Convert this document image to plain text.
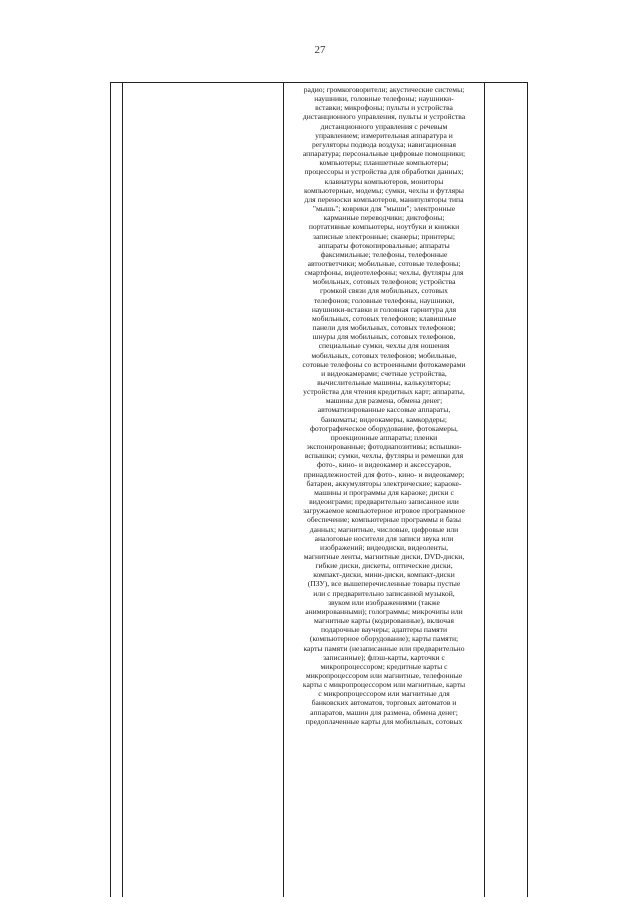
27
радио; громкоговорители; акустические системы;
наушники, головные телефоны; наушники-
вставки; микрофоны; пульты и устройства
дистанционного управления, пульты и устройства
дистанционного управления с речевым
управлением; измерительная аппаратура и
регуляторы подвода воздуха; навигационная
аппаратура; персональные цифровые помощники;
компьютеры; планшетные компьютеры;
процессоры и устройства для обработки данных;
клавиатуры компьютеров, мониторы
компьютерные, модемы; сумки, чехлы и футляры
для переноски компьютеров, манипуляторы типа
"мышь"; коврики для "мыши"; электронные
карманные переводчики; диктофоны;
портативные компьютеры, ноутбуки и книжки
записные электронные; сканеры; принтеры;
аппараты фотокопировальные; аппараты
факсимильные; телефоны, телефонные
автоответчики; мобильные, сотовые телефоны;
смартфоны, видеотелефоны; чехлы, футляры для
мобильных, сотовых телефонов; устройства
громкой связи для мобильных, сотовых
телефонов; головные телефоны, наушники,
наушники-вставки и головная гарнитура для
мобильных, сотовых телефонов; клавишные
панели для мобильных, сотовых телефонов;
шнуры для мобильных, сотовых телефонов,
специальные сумки, чехлы для ношения
мобильных, сотовых телефонов; мобильные,
сотовые телефоны со встроенными фотокамерами
и видеокамерами; счетные устройства,
вычислительные машины, калькуляторы;
устройства для чтения кредитных карт; аппараты,
машины для размена, обмена денег;
автоматизированные кассовые аппараты,
банкоматы; видеокамеры, камкордеры;
фотографическое оборудование, фотокамеры,
проекционные аппараты; пленки
экспонированные; фотодиапозитивы; вспышки-
вспышки; сумки, чехлы, футляры и ремешки для
фото-, кино- и видеокамер и аксессуаров,
принадлежностей для фото-, кино- и видеокамер;
батареи, аккумуляторы электрические; караоке-
машины и программы для караоке; диски с
видеоиграми; предварительно записанное или
загружаемое компьютерное игровое программное
обеспечение; компьютерные программы и базы
данных; магнитные, числовые, цифровые или
аналоговые носители для записи звука или
изображений; видеодиски, видеоленты,
магнитные ленты, магнитные диски, DVD-диски,
гибкие диски, дискеты, оптические диски,
компакт-диски, мини-диски, компакт-диски
(ПЗУ), все вышеперечисленные товары пустые
или с предварительно записанной музыкой,
звуком или изображениями (также
анимированными); голограммы; микрочипы или
магнитные карты (кодированные), включая
подарочные ваучеры; адаптеры памяти
(компьютерное оборудование); карты памяти;
карты памяти (незаписанные или предварительно
записанные); флэш-карты, карточки с
микропроцессором; кредитные карты с
микропроцессором или магнитные, телефонные
карты с микропроцессором или магнитные, карты
с микропроцессором или магнитные для
банковских автоматов, торговых автоматов и
аппаратов, машин для размена, обмена денег;
предоплаченные карты для мобильных, сотовых
